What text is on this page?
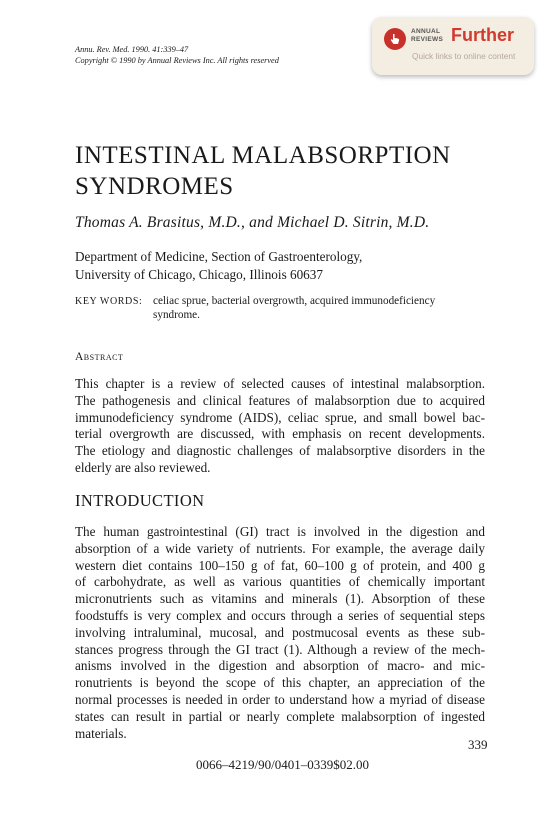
Annu. Rev. Med. 1990. 41:339–47
Copyright © 1990 by Annual Reviews Inc. All rights reserved
ANNUAL
REVIEWS Further
Quick links to online content
INTESTINAL MALABSORPTION
SYNDROMES
Thomas A. Brasitus, M.D., and Michael D. Sitrin, M.D.
Department of Medicine, Section of Gastroenterology,
University of Chicago, Chicago, Illinois 60637
KEY WORDS: celiac sprue, bacterial overgrowth, acquired immunodeficiency
syndrome.
Abstract

This chapter is a review of selected causes of intestinal malabsorption.
The pathogenesis and clinical features of malabsorption due to acquired
immunodeficiency syndrome (AIDS), celiac sprue, and small bowel bac-
terial overgrowth are discussed, with emphasis on recent developments.
The etiology and diagnostic challenges of malabsorptive disorders in the
elderly are also reviewed.

INTRODUCTION

The human gastrointestinal (GI) tract is involved in the digestion and
absorption of a wide variety of nutrients. For example, the average daily
western diet contains 100–150 g of fat, 60–100 g of protein, and 400 g
of carbohydrate, as well as various quantities of chemically important
micronutrients such as vitamins and minerals (1). Absorption of these
foodstuffs is very complex and occurs through a series of sequential steps
involving intraluminal, mucosal, and postmucosal events as these sub-
stances progress through the GI tract (1). Although a review of the mech-
anisms involved in the digestion and absorption of macro- and mic-
ronutrients is beyond the scope of this chapter, an appreciation of the
normal processes is needed in order to understand how a myriad of disease
states can result in partial or nearly complete malabsorption of ingested
materials.

339
0066–4219/90/0401–0339$02.00
